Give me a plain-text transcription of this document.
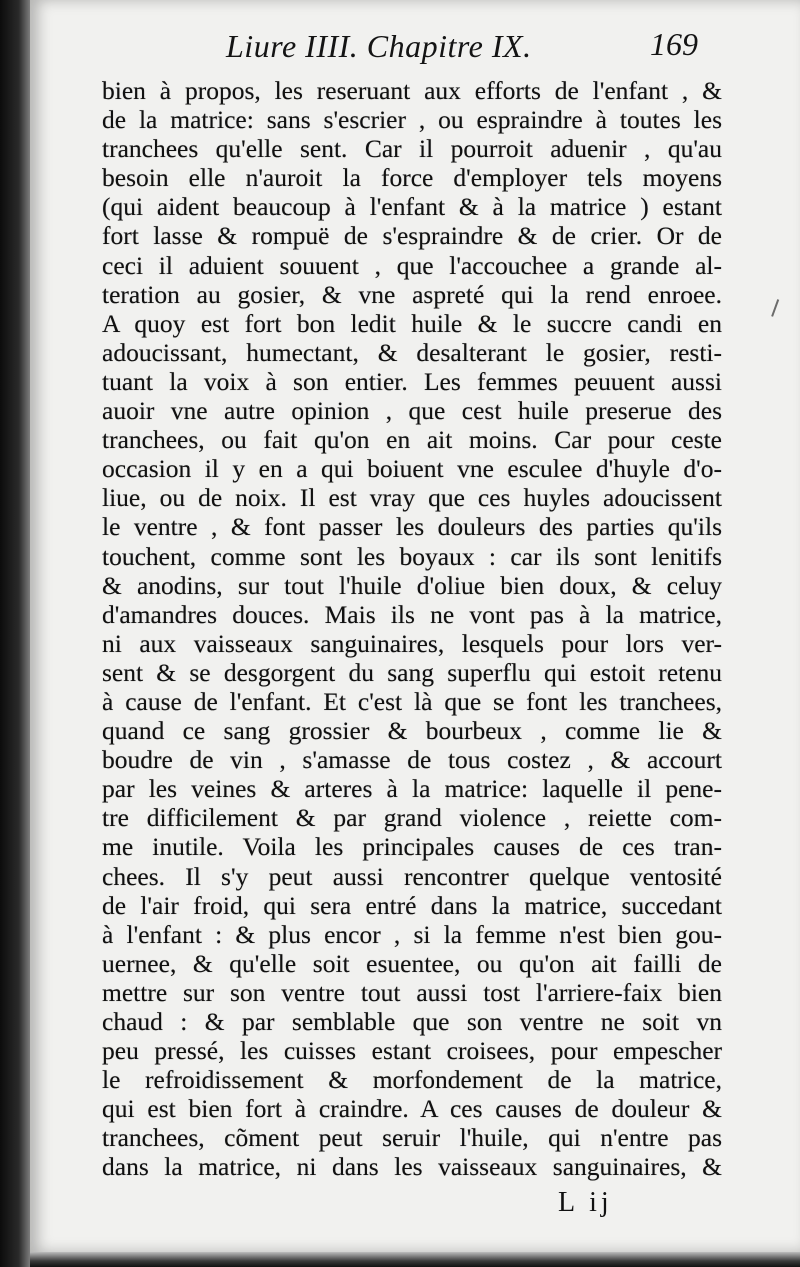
Liure IIII. Chapitre IX.	169
bien à propos, les reseruant aux efforts de l'enfant , &
de la matrice: sans s'escrier , ou espraindre à toutes les
tranchees qu'elle sent. Car il pourroit aduenir , qu'au
besoin elle n'auroit la force d'employer tels moyens
(qui aident beaucoup à l'enfant & à la matrice ) estant
fort lasse & rompuë de s'espraindre & de crier. Or de
ceci il aduient souuent , que l'accouchee a grande al-
teration au gosier, & vne aspreté qui la rend enroee.
A quoy est fort bon ledit huile & le succre candi en
adoucissant, humectant, & desalterant le gosier, resti-
tuant la voix à son entier. Les femmes peuuent aussi
auoir vne autre opinion , que cest huile preserue des
tranchees, ou fait qu'on en ait moins. Car pour ceste
occasion il y en a qui boiuent vne esculee d'huyle d'o-
liue, ou de noix. Il est vray que ces huyles adoucissent
le ventre , & font passer les douleurs des parties qu'ils
touchent, comme sont les boyaux : car ils sont lenitifs
& anodins, sur tout l'huile d'oliue bien doux, & celuy
d'amandres douces. Mais ils ne vont pas à la matrice,
ni aux vaisseaux sanguinaires, lesquels pour lors ver-
sent & se desgorgent du sang superflu qui estoit retenu
à cause de l'enfant. Et c'est là que se font les tranchees,
quand ce sang grossier & bourbeux , comme lie &
boudre de vin , s'amasse de tous costez , & accourt
par les veines & arteres à la matrice: laquelle il pene-
tre difficilement & par grand violence , reiette com-
me inutile. Voila les principales causes de ces tran-
chees. Il s'y peut aussi rencontrer quelque ventosité
de l'air froid, qui sera entré dans la matrice, succedant
à l'enfant : & plus encor , si la femme n'est bien gou-
uernee, & qu'elle soit esuentee, ou qu'on ait failli de
mettre sur son ventre tout aussi tost l'arriere-faix bien
chaud : & par semblable que son ventre ne soit vn
peu pressé, les cuisses estant croisees, pour empescher
le refroidissement & morfondement de la matrice,
qui est bien fort à craindre. A ces causes de douleur &
tranchees, cõment peut seruir l'huile, qui n'entre pas
dans la matrice, ni dans les vaisseaux sanguinaires, &
L ij
